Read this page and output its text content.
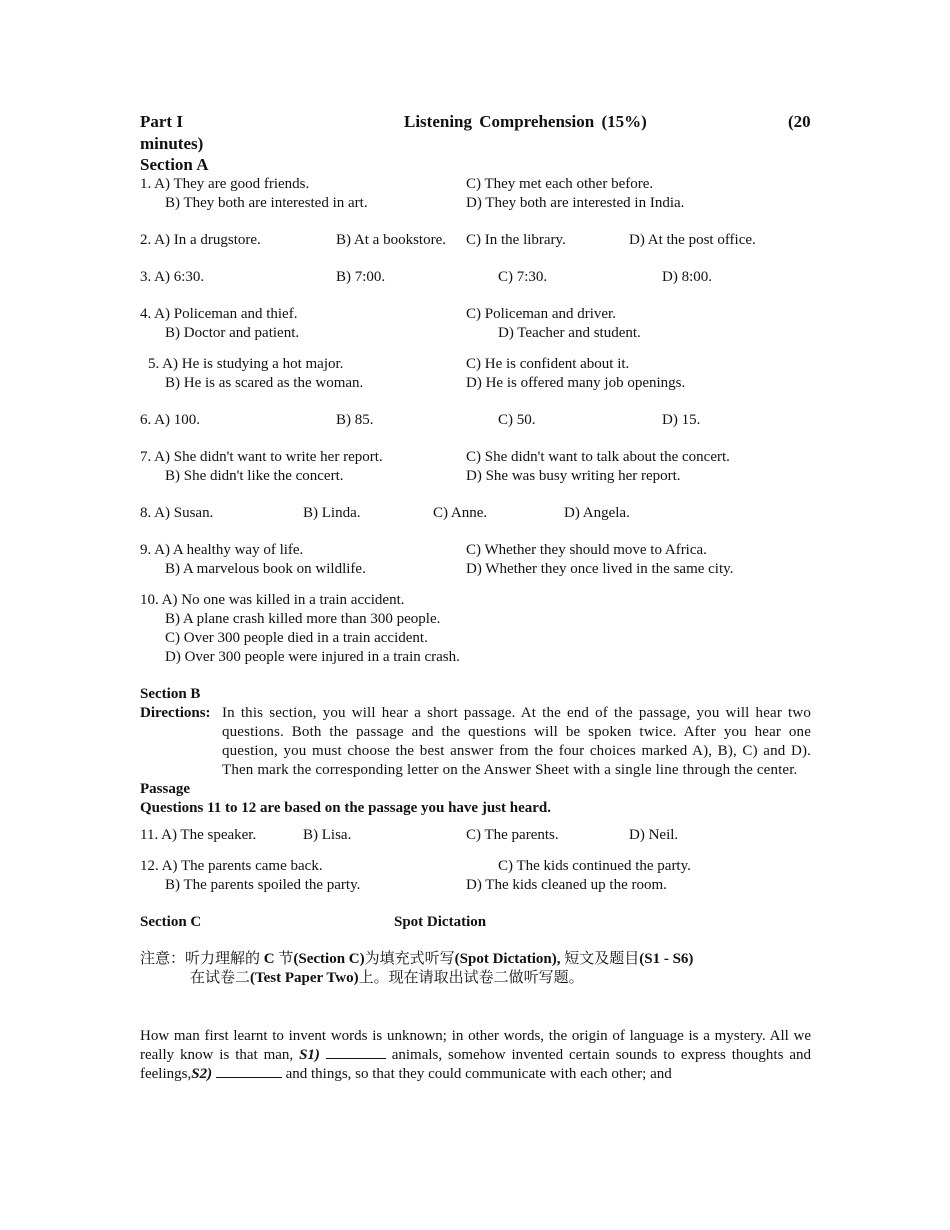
Part I	Listening Comprehension (15%)	(20
minutes)
Section A
1. A) They are good friends.	C) They met each other before.
B) They both are interested in art.	D) They both are interested in India.
2. A) In a drugstore.	B) At a bookstore. C) In the library.	D) At the post office.
3. A) 6:30.	B) 7:00.	C) 7:30.	D) 8:00.
4. A) Policeman and thief.	C) Policeman and driver.
B) Doctor and patient.	D) Teacher and student.
5. A) He is studying a hot major.	C) He is confident about it.
B) He is as scared as the woman.	D) He is offered many job openings.
6. A) 100.	B) 85.	C) 50.	D) 15.
7. A) She didn't want to write her report.	C) She didn't want to talk about the concert.
B) She didn't like the concert.	D) She was busy writing her report.
8. A) Susan.	B) Linda.	C) Anne.	D) Angela.
9. A) A healthy way of life.	C) Whether they should move to Africa.
B) A marvelous book on wildlife.	D) Whether they once lived in the same city.
10. A) No one was killed in a train accident.
B) A plane crash killed more than 300 people.
C) Over 300 people died in a train accident.
D) Over 300 people were injured in a train crash.
Section B
Directions: In this section, you will hear a short passage. At the end of the passage, you will hear two questions. Both the passage and the questions will be spoken twice. After you hear one question, you must choose the best answer from the four choices marked A), B), C) and D). Then mark the corresponding letter on the Answer Sheet with a single line through the center.
Passage
Questions 11 to 12 are based on the passage you have just heard.
11. A) The speaker.	B) Lisa.	C) The parents.	D) Neil.
12. A) The parents came back.	C) The kids continued the party.
B) The parents spoiled the party.	D) The kids cleaned up the room.
Section C	Spot Dictation
注意：听力理解的 C 节(Section C)为填充式听写(Spot Dictation), 短文及题目(S1 - S6)
在试卷二(Test Paper Two)上。现在请取出试卷二做听写题。
How man first learnt to invent words is unknown; in other words, the origin of language is a mystery. All we really know is that man, S1)	animals, somehow invented certain sounds to express thoughts and feelings,S2)	and things, so that they could communicate with each other; and
